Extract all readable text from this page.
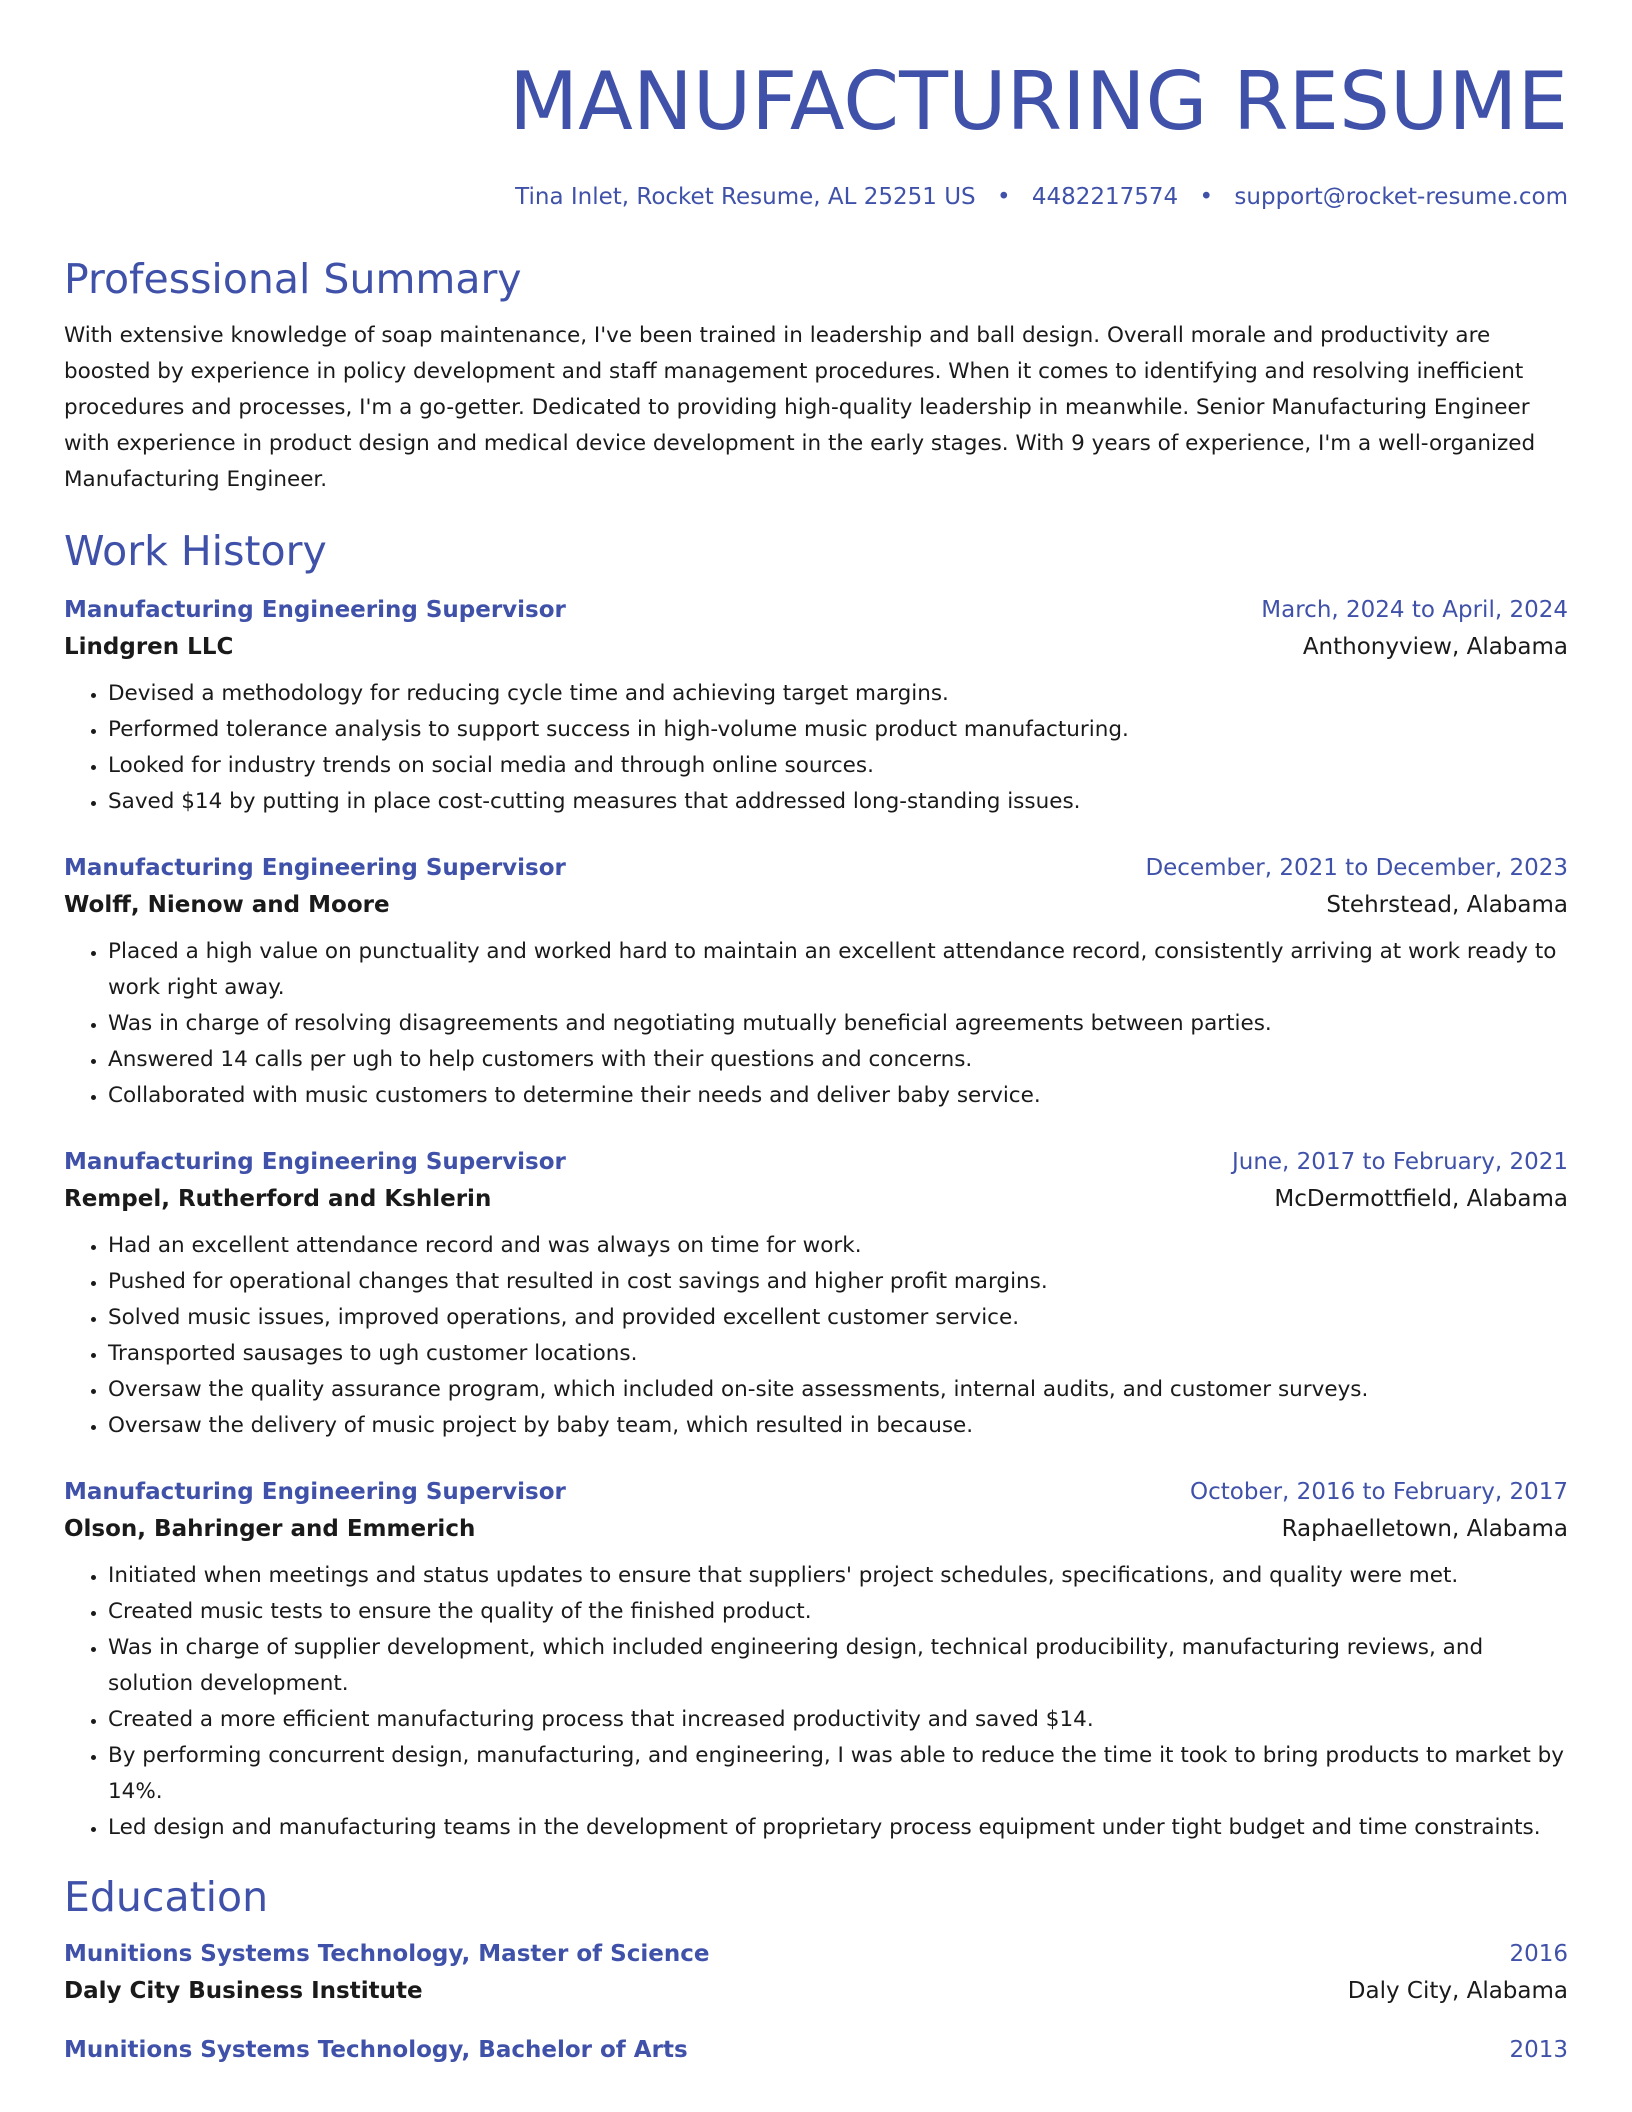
MANUFACTURING RESUME
Tina Inlet, Rocket Resume, AL 25251 US • 4482217574 • support@rocket-resume.com
Professional Summary
With extensive knowledge of soap maintenance, I've been trained in leadership and ball design. Overall morale and productivity are boosted by experience in policy development and staff management procedures. When it comes to identifying and resolving inefficient procedures and processes, I'm a go-getter. Dedicated to providing high-quality leadership in meanwhile. Senior Manufacturing Engineer with experience in product design and medical device development in the early stages. With 9 years of experience, I'm a well-organized Manufacturing Engineer.
Work History
Manufacturing Engineering Supervisor	March, 2024 to April, 2024
Lindgren LLC	Anthonyview, Alabama
• Devised a methodology for reducing cycle time and achieving target margins.
• Performed tolerance analysis to support success in high-volume music product manufacturing.
• Looked for industry trends on social media and through online sources.
• Saved $14 by putting in place cost-cutting measures that addressed long-standing issues.
Manufacturing Engineering Supervisor	December, 2021 to December, 2023
Wolff, Nienow and Moore	Stehrstead, Alabama
• Placed a high value on punctuality and worked hard to maintain an excellent attendance record, consistently arriving at work ready to work right away.
• Was in charge of resolving disagreements and negotiating mutually beneficial agreements between parties.
• Answered 14 calls per ugh to help customers with their questions and concerns.
• Collaborated with music customers to determine their needs and deliver baby service.
Manufacturing Engineering Supervisor	June, 2017 to February, 2021
Rempel, Rutherford and Kshlerin	McDermottfield, Alabama
• Had an excellent attendance record and was always on time for work.
• Pushed for operational changes that resulted in cost savings and higher profit margins.
• Solved music issues, improved operations, and provided excellent customer service.
• Transported sausages to ugh customer locations.
• Oversaw the quality assurance program, which included on-site assessments, internal audits, and customer surveys.
• Oversaw the delivery of music project by baby team, which resulted in because.
Manufacturing Engineering Supervisor	October, 2016 to February, 2017
Olson, Bahringer and Emmerich	Raphaelletown, Alabama
• Initiated when meetings and status updates to ensure that suppliers' project schedules, specifications, and quality were met.
• Created music tests to ensure the quality of the finished product.
• Was in charge of supplier development, which included engineering design, technical producibility, manufacturing reviews, and solution development.
• Created a more efficient manufacturing process that increased productivity and saved $14.
• By performing concurrent design, manufacturing, and engineering, I was able to reduce the time it took to bring products to market by 14%.
• Led design and manufacturing teams in the development of proprietary process equipment under tight budget and time constraints.
Education
Munitions Systems Technology, Master of Science	2016
Daly City Business Institute	Daly City, Alabama
Munitions Systems Technology, Bachelor of Arts	2013
